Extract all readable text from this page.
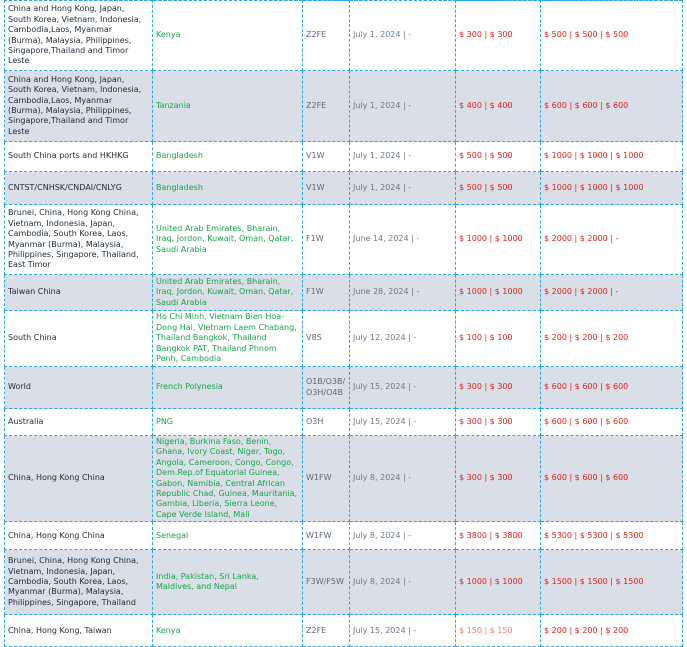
China and Hong Kong, Japan, South Korea, Vietnam, Indonesia, Cambodia,Laos, Myanmar (Burma), Malaysia, Philippines, Singapore,Thailand and Timor Leste	Kenya	Z2FE	July 1, 2024 | -	$ 300 | $ 300	$ 500 | $ 500 | $ 500
China and Hong Kong, Japan, South Korea, Vietnam, Indonesia, Cambodia,Laos, Myanmar (Burma), Malaysia, Philippines, Singapore,Thailand and Timor Leste	Tanzania	Z2FE	July 1, 2024 | -	$ 400 | $ 400	$ 600 | $ 600 | $ 600
South China ports and HKHKG	Bangladesh	V1W	July 1, 2024 | -	$ 500 | $ 500	$ 1000 | $ 1000 | $ 1000
CNTST/CNHSK/CNDAI/CNLYG	Bangladesh	V1W	July 1, 2024 | -	$ 500 | $ 500	$ 1000 | $ 1000 | $ 1000
Brunei, China, Hong Kong China, Vietnam, Indonesia, Japan, Cambodia, South Korea, Laos, Myanmar (Burma), Malaysia, Philippines, Singapore, Thailand, East Timor	United Arab Emirates, Bharain, Iraq, Jordon, Kuwait, Oman, Qatar, Saudi Arabia	F1W	June 14, 2024 | -	$ 1000 | $ 1000	$ 2000 | $ 2000 | -
Taiwan China	United Arab Emirates, Bharain, Iraq, Jordon, Kuwait, Oman, Qatar, Saudi Arabia	F1W	June 28, 2024 | -	$ 1000 | $ 1000	$ 2000 | $ 2000 | -
South China	Ho Chi Minh, Vietnam Bien Hoa-Dong Hai, Vietnam Laem Chabang, Thailand Bangkok, Thailand Bangkok PAT, Thailand Phnom Penh, Cambodia	V8S	July 12, 2024 | -	$ 100 | $ 100	$ 200 | $ 200 | $ 200
World	French Polynesia	O1B/O3B/O3H/O4B	July 15, 2024 | -	$ 300 | $ 300	$ 600 | $ 600 | $ 600
Australia	PNG	O3H	July 15, 2024 | -	$ 300 | $ 300	$ 600 | $ 600 | $ 600
China, Hong Kong China	Nigeria, Burkina Faso, Benin, Ghana, Ivory Coast, Niger, Togo, Angola, Cameroon, Congo, Congo, Dem.Rep.of Equatorial Guinea, Gabon, Namibia, Central African Republic Chad, Guinea, Mauritania, Gambia, Liberia, Sierra Leone, Cape Verde Island, Mali	W1FW	July 8, 2024 | -	$ 300 | $ 300	$ 600 | $ 600 | $ 600
China, Hong Kong China	Senegal	W1FW	July 8, 2024 | -	$ 3800 | $ 3800	$ 5300 | $ 5300 | $ 5300
Brunei, China, Hong Kong China, Vietnam, Indonesia, Japan, Cambodia, South Korea, Laos, Myanmar (Burma), Malaysia, Philippines, Singapore, Thailand	India, Pakistan, Sri Lanka, Maldives, and Nepal	F3W/F5W	July 8, 2024 | -	$ 1000 | $ 1000	$ 1500 | $ 1500 | $ 1500
China, Hong Kong, Taiwan	Kenya	Z2FE	July 15, 2024 | -	$ 150 | $ 150	$ 200 | $ 200 | $ 200
